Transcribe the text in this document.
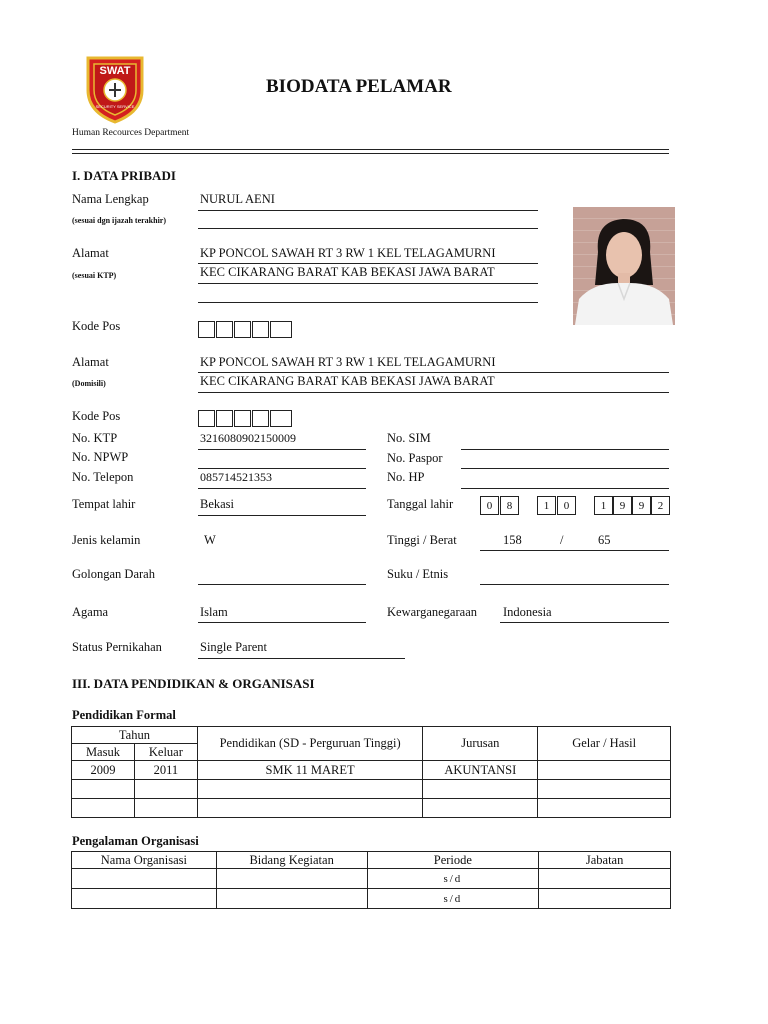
SWAT
SECURITY SERVICE
BIODATA PELAMAR
Human Recources Department
I. DATA PRIBADI
Nama Lengkap
(sesuai dgn ijazah terakhir)
NURUL AENI
Alamat
(sesuai KTP)
KP PONCOL SAWAH RT 3 RW 1 KEL TELAGAMURNI
KEC CIKARANG BARAT KAB BEKASI JAWA BARAT
Kode Pos
Alamat
(Domisili)
KP PONCOL SAWAH RT 3 RW 1 KEL TELAGAMURNI
KEC CIKARANG BARAT KAB BEKASI JAWA BARAT
Kode Pos
No. KTP	3216080902150009	No. SIM
No. NPWP	No. Paspor
No. Telepon	085714521353	No. HP
Tempat lahir	Bekasi	Tanggal lahir	0	8	1	0	1	9	9	2
Jenis kelamin	W	Tinggi / Berat	158	/	65
Golongan Darah	Suku / Etnis
Agama	Islam	Kewarganegaraan Indonesia
Status Pernikahan	Single Parent
III. DATA PENDIDIKAN & ORGANISASI
Pendidikan Formal
Tahun		Pendidikan (SD - Perguruan Tinggi)	Jurusan	Gelar / Hasil
Masuk	Keluar			
2009	2011	SMK 11 MARET	AKUNTANSI	

Pengalaman Organisasi
Nama Organisasi	Bidang Kegiatan	Periode	Jabatan
		s/d	
		s/d	
